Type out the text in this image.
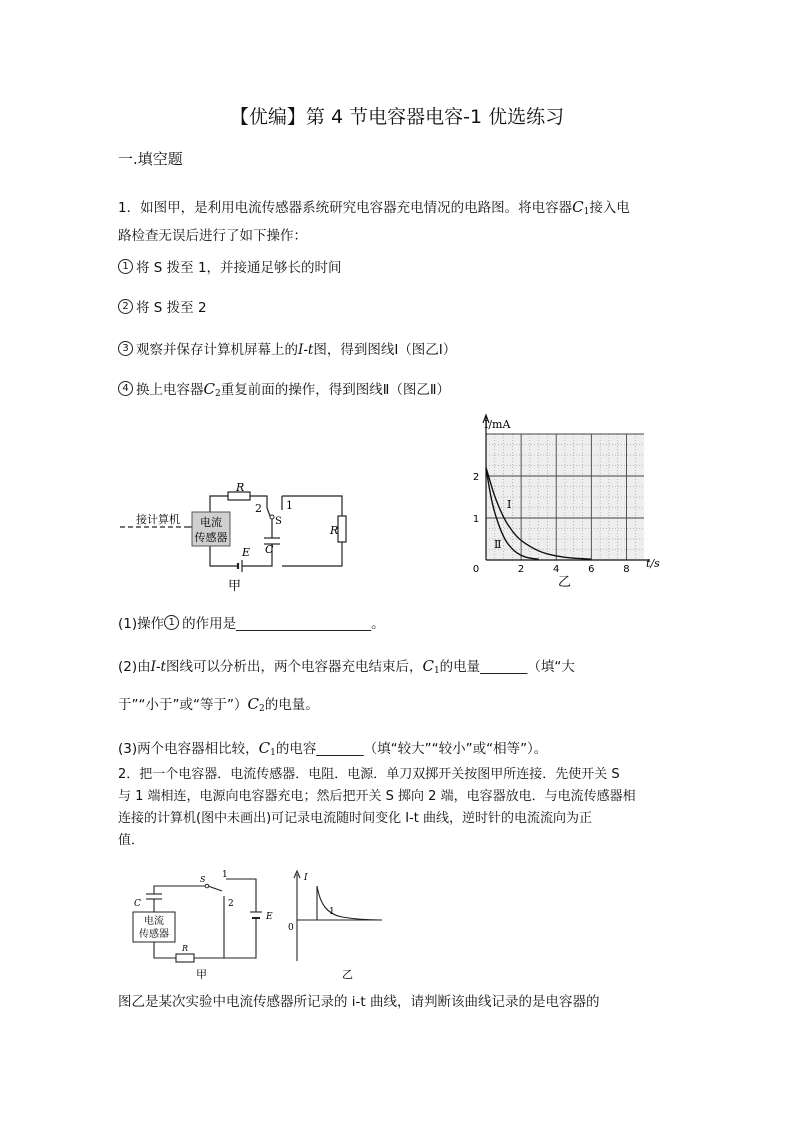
【优编】第 4 节电容器电容-1 优选练习
一.填空题
1．如图甲，是利用电流传感器系统研究电容器充电情况的电路图。将电容器$C_1$接入电
路检查无误后进行了如下操作：
1 将 S 拨至 1，并接通足够长的时间
2 将 S 拨至 2
3 观察并保存计算机屏幕上的I-t图，得到图线Ⅰ（图乙Ⅰ）
4 换上电容器$C_2$重复前面的操作，得到图线Ⅱ（图乙Ⅱ）
电流
传感器
接计算机
R
R
2 1
S
C
E
甲
0	2	4	6	8
1
2
I/mA
t/s
Ⅰ
Ⅱ
乙
(1)操作 1 的作用是____________________。
(2)由I-t图线可以分析出，两个电容器充电结束后，$C_1$的电量_______（填“大
于”“小于”或“等于$”)C_2$的电量。
(3)两个电容器相比较，$C_1$的电容_______（填“较大”“较小”或“相等”）。
2．把一个电容器．电流传感器．电阻．电源．单刀双掷开关按图甲所连接．先使开关 S
与 1 端相连，电源向电容器充电；然后把开关 S 掷向 2 端，电容器放电．与电流传感器相
连接的计算机(图中未画出)可记录电流随时间变化 I-t 曲线，逆时针的电流流向为正
值．
电流
传感器
C
S 1
2
E
R
甲
I
0
1
乙
图乙是某次实验中电流传感器所记录的 i-t 曲线，请判断该曲线记录的是电容器的
